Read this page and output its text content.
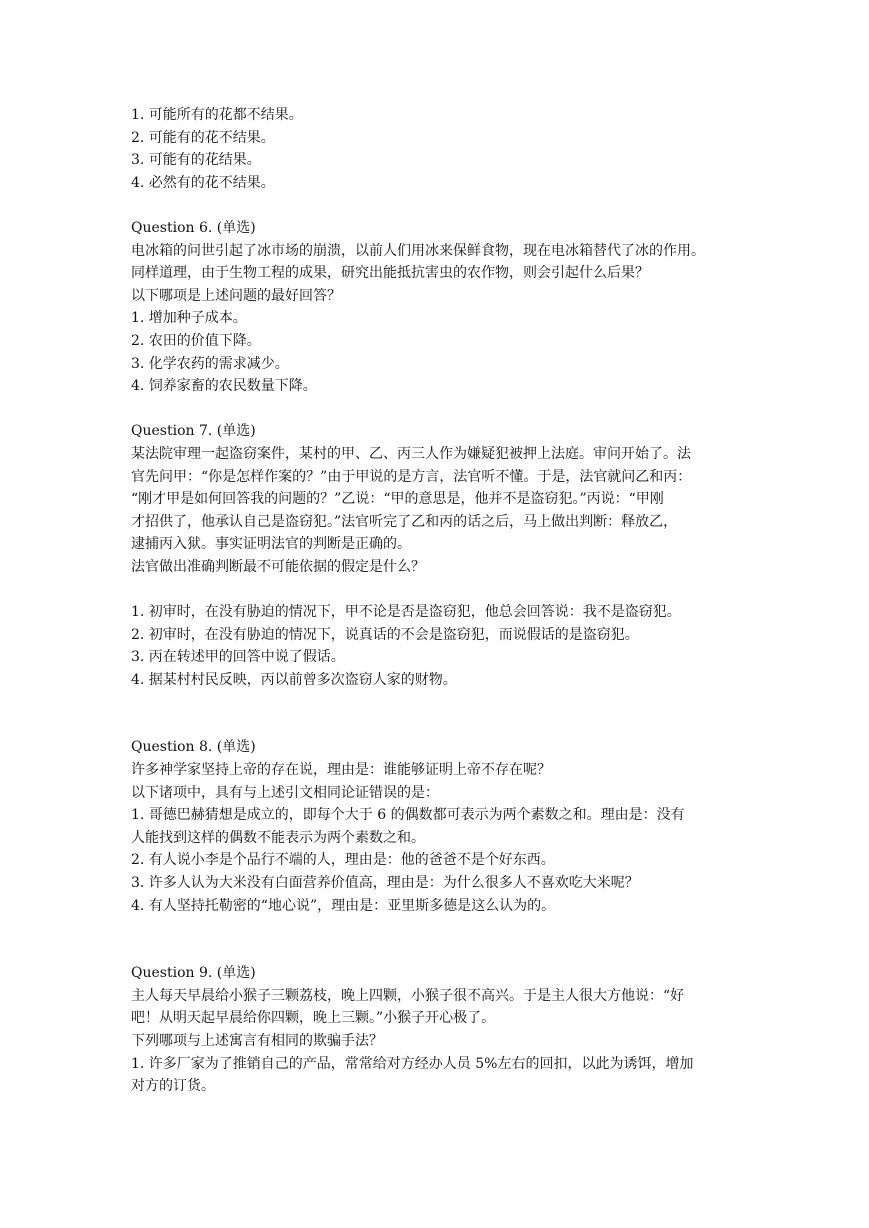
1. 可能所有的花都不结果。

2. 可能有的花不结果。

3. 可能有的花结果。

4. 必然有的花不结果。

Question 6. (单选)

电冰箱的问世引起了冰市场的崩溃，以前人们用冰来保鲜食物，现在电冰箱替代了冰的作用。

同样道理，由于生物工程的成果，研究出能抵抗害虫的农作物，则会引起什么后果？

以下哪项是上述问题的最好回答？

1. 增加种子成本。

2. 农田的价值下降。

3. 化学农药的需求减少。

4. 饲养家畜的农民数量下降。

Question 7. (单选)

某法院审理一起盗窃案件，某村的甲、乙、丙三人作为嫌疑犯被押上法庭。审问开始了。法

官先问甲：“你是怎样作案的？”由于甲说的是方言，法官听不懂。于是，法官就问乙和丙：

“刚才甲是如何回答我的问题的？”乙说：“甲的意思是，他并不是盗窃犯。”丙说：“甲刚

才招供了，他承认自己是盗窃犯。”法官听完了乙和丙的话之后，马上做出判断：释放乙，

逮捕丙入狱。事实证明法官的判断是正确的。

法官做出准确判断最不可能依据的假定是什么？

1. 初审时，在没有胁迫的情况下，甲不论是否是盗窃犯，他总会回答说：我不是盗窃犯。

2. 初审时，在没有胁迫的情况下，说真话的不会是盗窃犯，而说假话的是盗窃犯。

3. 丙在转述甲的回答中说了假话。

4. 据某村村民反映，丙以前曾多次盗窃人家的财物。

Question 8. (单选)

许多神学家坚持上帝的存在说，理由是：谁能够证明上帝不存在呢？

以下诸项中，具有与上述引文相同论证错误的是：

1. 哥德巴赫猜想是成立的，即每个大于 6 的偶数都可表示为两个素数之和。理由是：没有

人能找到这样的偶数不能表示为两个素数之和。

2. 有人说小李是个品行不端的人，理由是：他的爸爸不是个好东西。

3. 许多人认为大米没有白面营养价值高，理由是：为什么很多人不喜欢吃大米呢？

4. 有人坚持托勒密的“地心说”，理由是：亚里斯多德是这么认为的。

Question 9. (单选)

主人每天早晨给小猴子三颗荔枝，晚上四颗，小猴子很不高兴。于是主人很大方他说：“好

吧！从明天起早晨给你四颗，晚上三颗。”小猴子开心极了。

下列哪项与上述寓言有相同的欺骗手法？

1. 许多厂家为了推销自己的产品，常常给对方经办人员 5%左右的回扣，以此为诱饵，增加

对方的订货。
